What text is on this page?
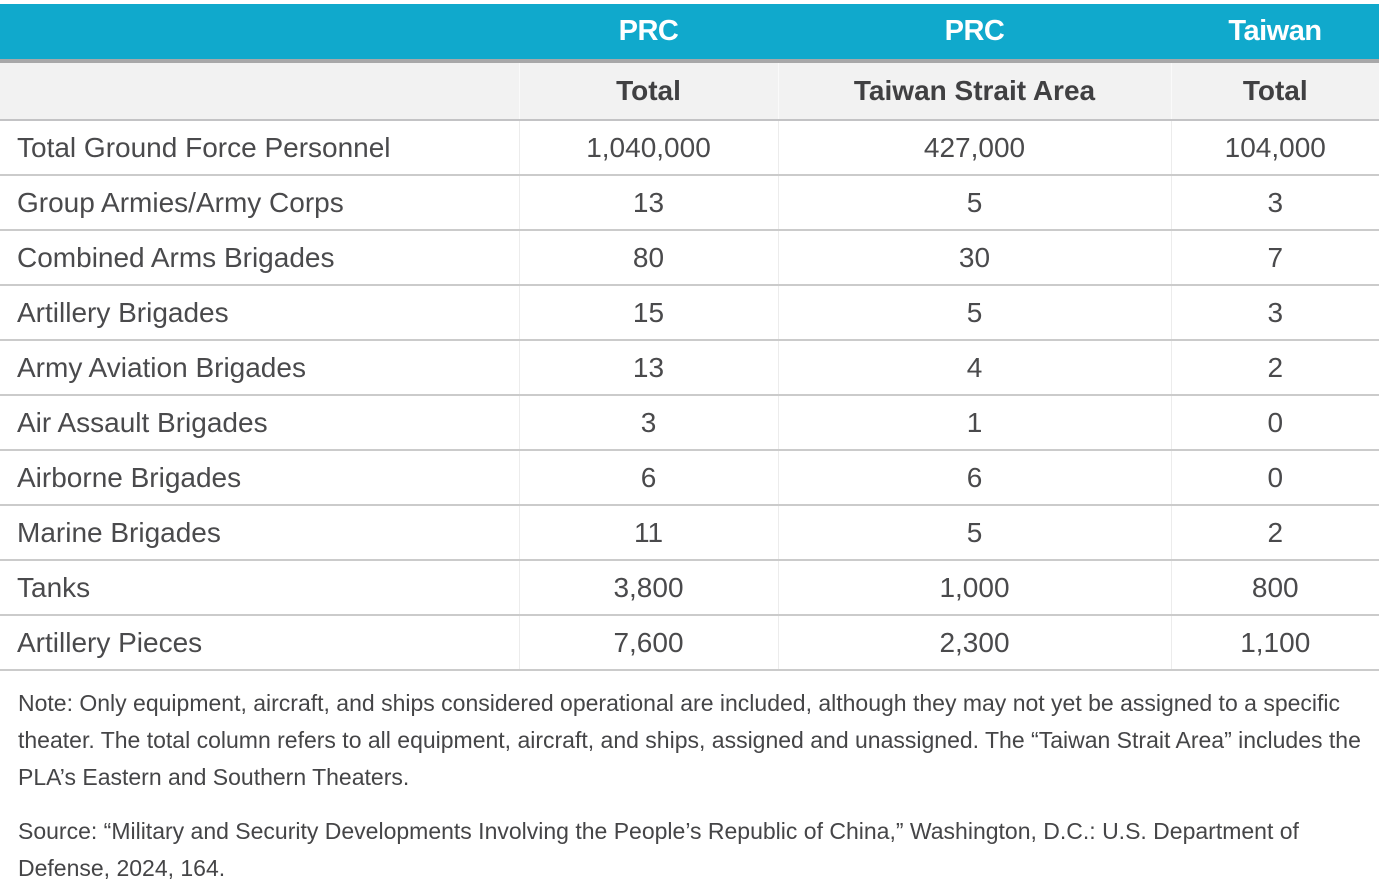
	PRC	PRC	Taiwan
	Total	Taiwan Strait Area	Total
Total Ground Force Personnel	1,040,000	427,000	104,000
Group Armies/Army Corps	13	5	3
Combined Arms Brigades	80	30	7
Artillery Brigades	15	5	3
Army Aviation Brigades	13	4	2
Air Assault Brigades	3	1	0
Airborne Brigades	6	6	0
Marine Brigades	11	5	2
Tanks	3,800	1,000	800
Artillery Pieces	7,600	2,300	1,100

Note: Only equipment, aircraft, and ships considered operational are included, although they may not yet be assigned to a specific theater. The total column refers to all equipment, aircraft, and ships, assigned and unassigned. The “Taiwan Strait Area” includes the PLA’s Eastern and Southern Theaters.

Source: “Military and Security Developments Involving the People’s Republic of China,” Washington, D.C.: U.S. Department of Defense, 2024, 164.
